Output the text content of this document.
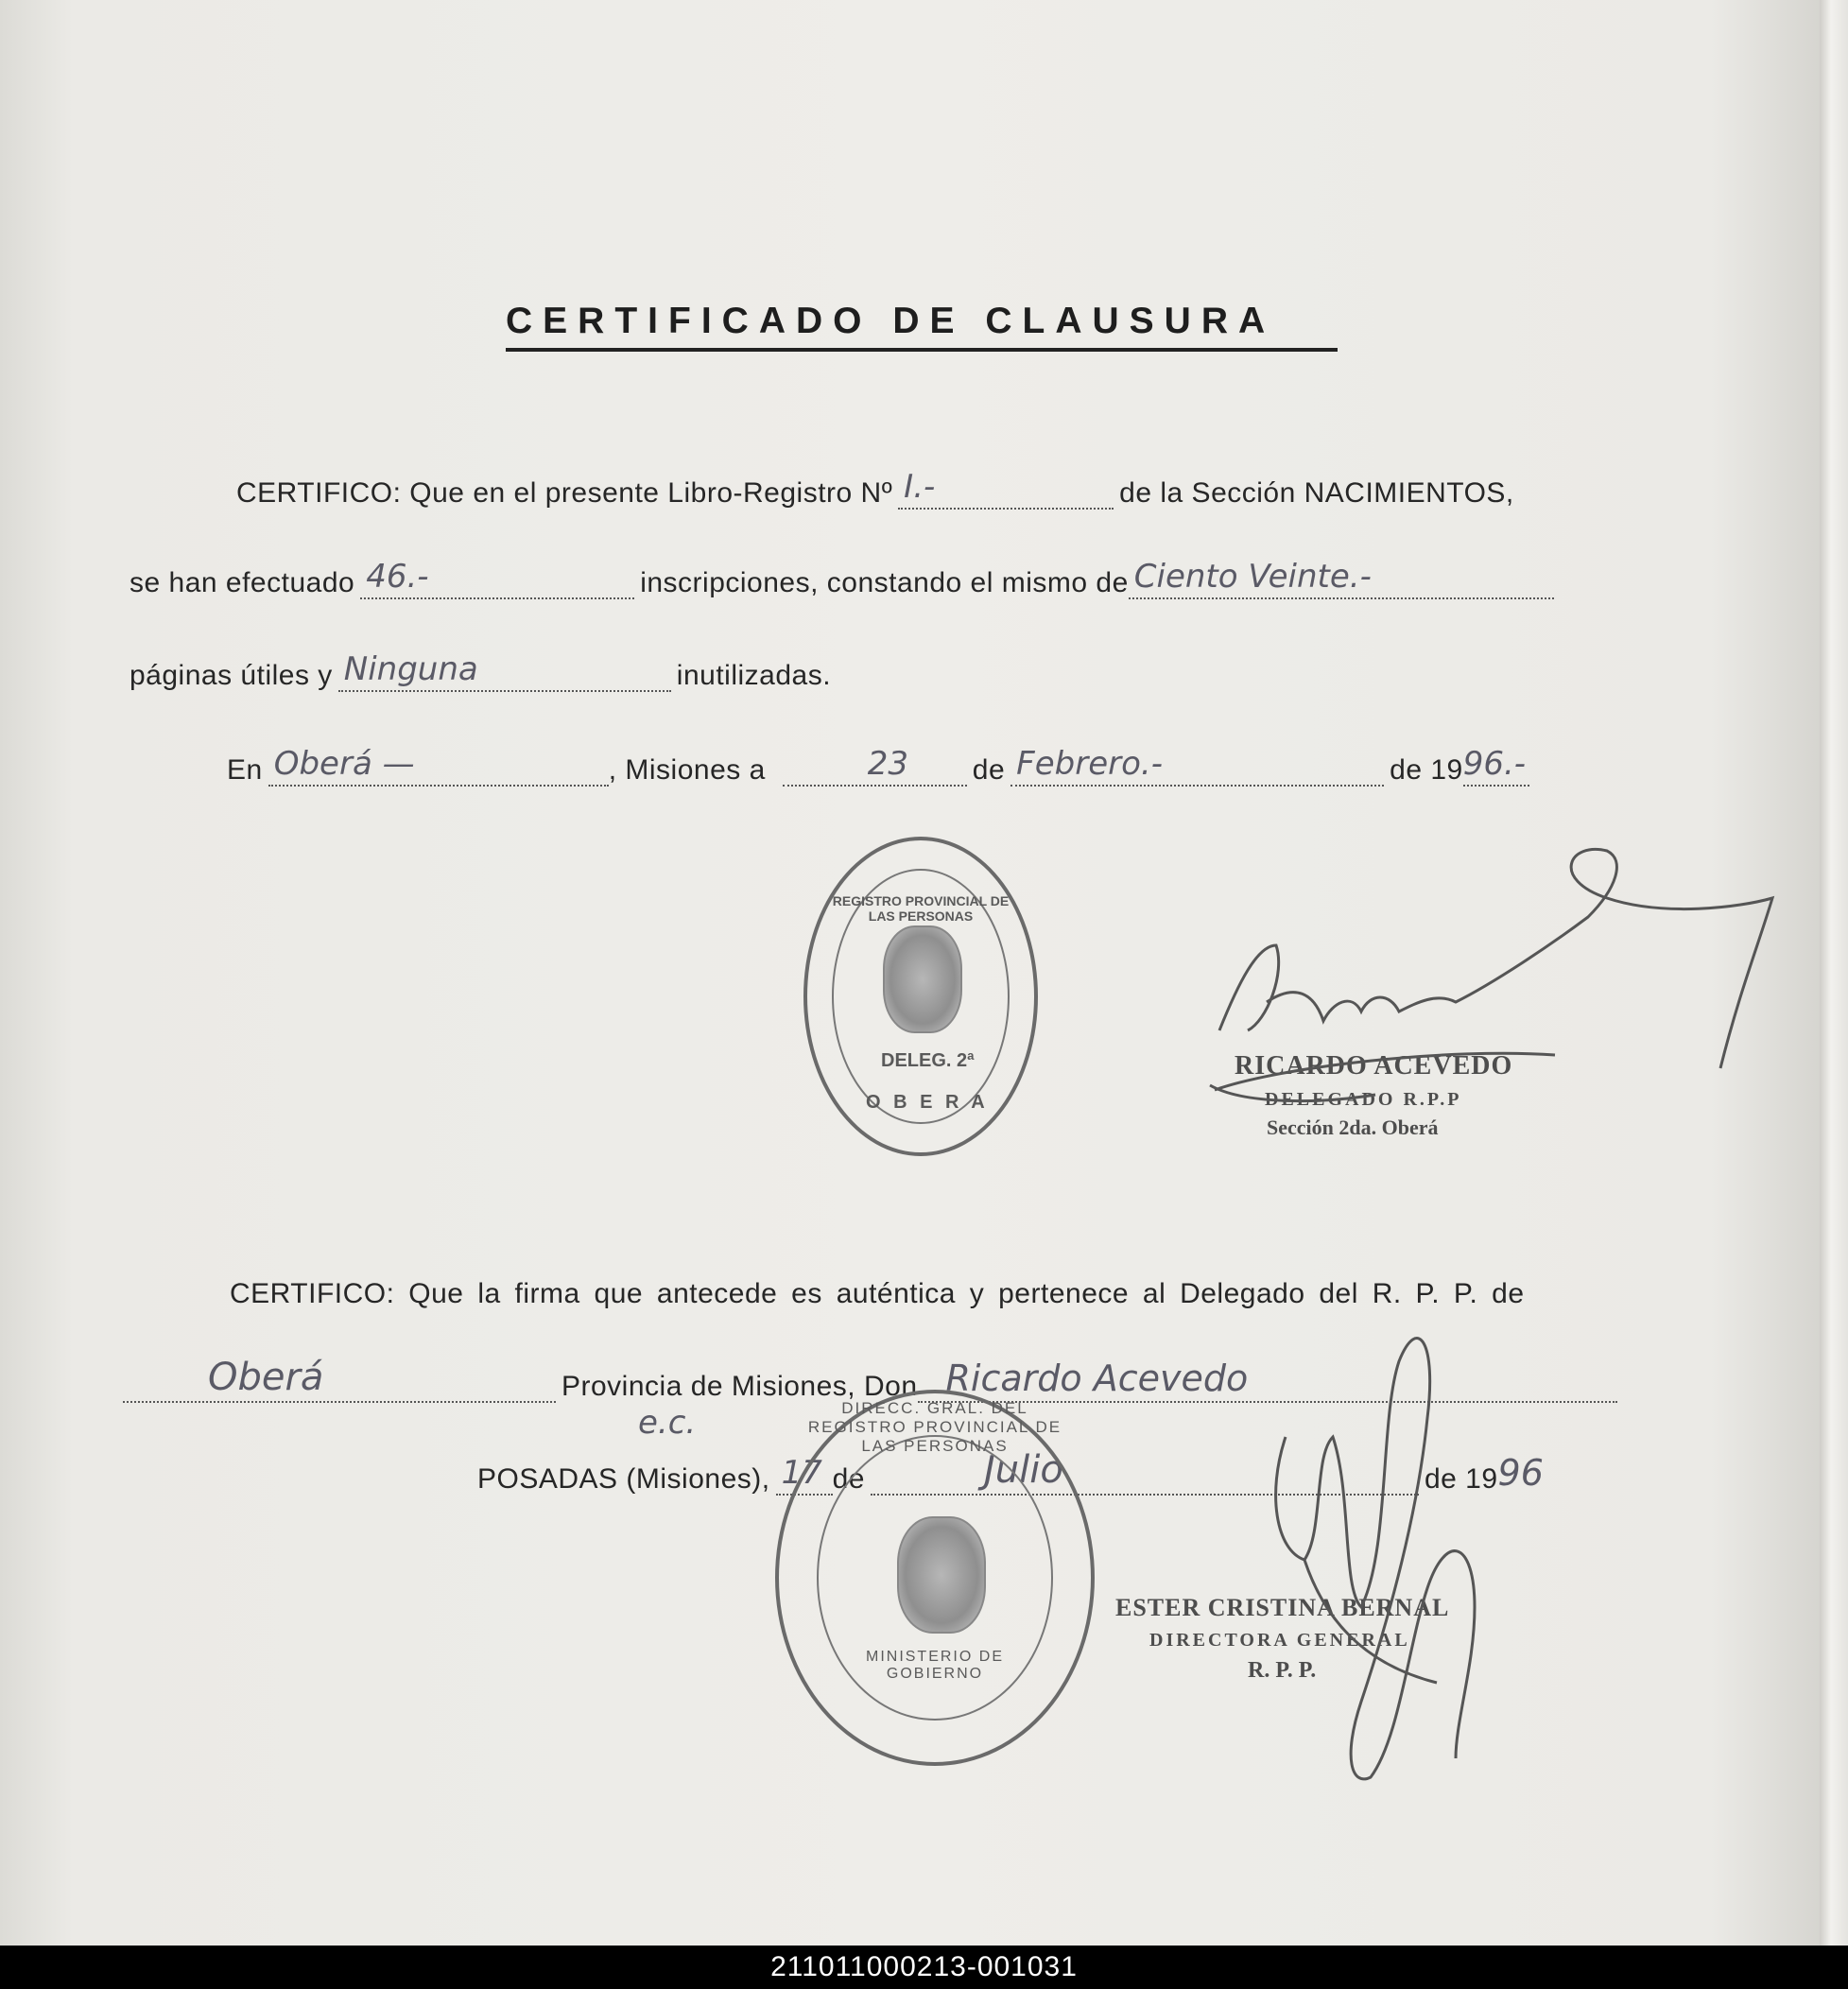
CERTIFICADO DE CLAUSURA
CERTIFICO: Que en el presente Libro-Registro Nº I.-	de la Sección NACIMIENTOS,
se han efectuado 46.-	inscripciones, constando el mismo de Ciento Veinte.-
páginas útiles y Ninguna	inutilizadas.
En Oberá —	, Misiones a	23 de Febrero.-	de 19 96.-
REGISTRO PROVINCIAL DE LAS PERSONAS
DELEG. 2ª
O B E R A
RICARDO ACEVEDO
DELEGADO R.P.P
Sección 2da. Oberá
CERTIFICO: Que la firma que antecede es auténtica y pertenece al Delegado del R. P. P. de
Oberá	Provincia de Misiones, Don Ricardo Acevedo
e.c.
POSADAS (Misiones), 17 de	Julio	de 19 96
DIRECC. GRAL. DEL REGISTRO PROVINCIAL DE LAS PERSONAS
MINISTERIO DE GOBIERNO
ESTER CRISTINA BERNAL
DIRECTORA GENERAL
R. P. P.
211011000213-001031
